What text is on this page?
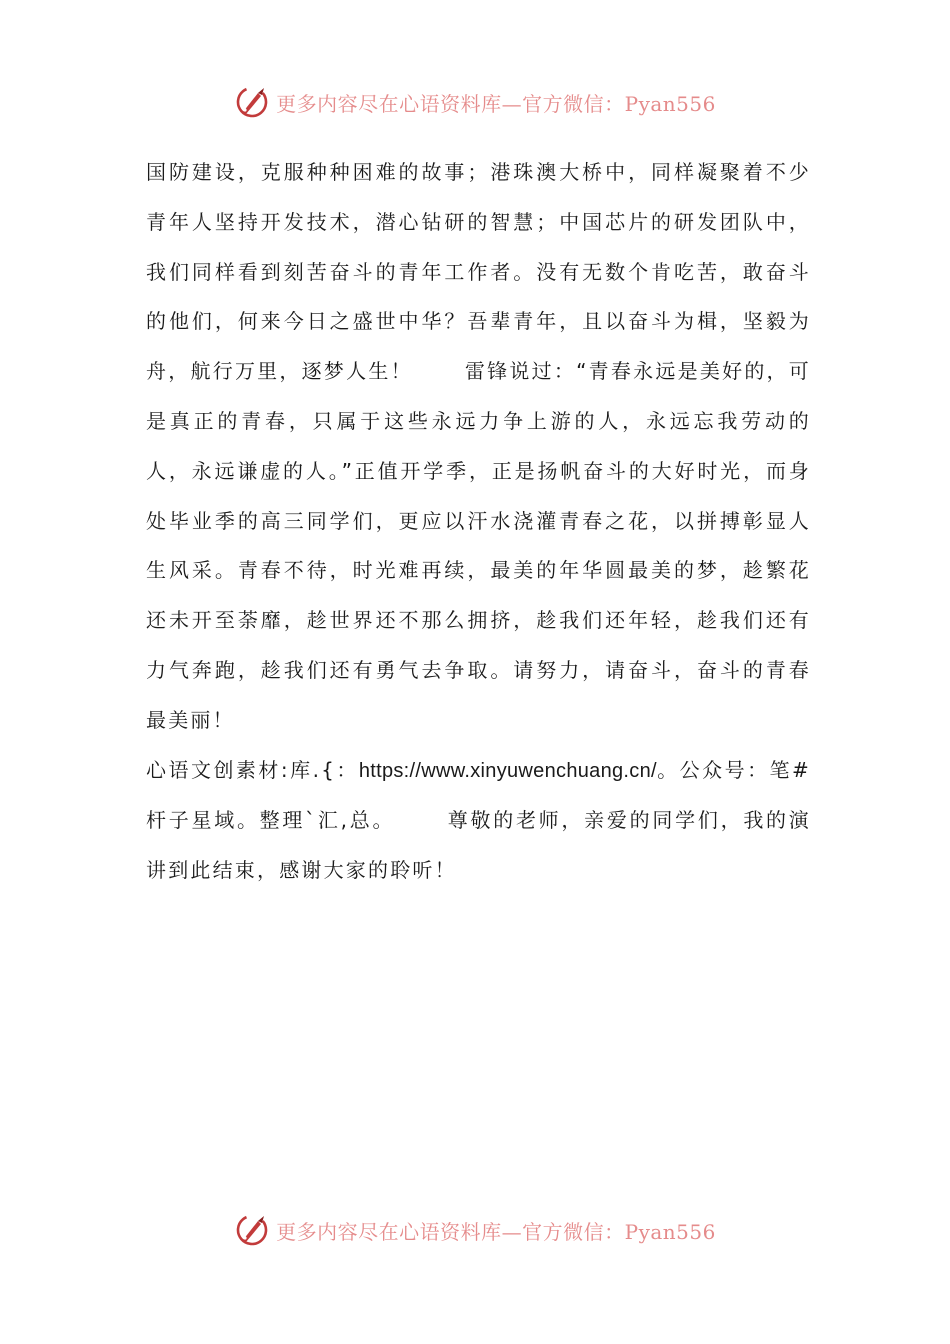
更多内容尽在心语资料库—官方微信：Pyan556

国防建设，克服种种困难的故事；港珠澳大桥中，同样凝聚着不少青年人坚持开发技术，潜心钻研的智慧；中国芯片的研发团队中，我们同样看到刻苦奋斗的青年工作者。没有无数个肯吃苦，敢奋斗的他们，何来今日之盛世中华？吾辈青年，且以奋斗为楫，坚毅为舟，航行万里，逐梦人生！	雷锋说过：“青春永远是美好的，可是真正的青春，只属于这些永远力争上游的人，永远忘我劳动的人，永远谦虚的人。”正值开学季，正是扬帆奋斗的大好时光，而身处毕业季的高三同学们，更应以汗水浇灌青春之花，以拼搏彰显人生风采。青春不待，时光难再续，最美的年华圆最美的梦，趁繁花还未开至荼靡，趁世界还不那么拥挤，趁我们还年轻，趁我们还有力气奔跑，趁我们还有勇气去争取。请努力，请奋斗，奋斗的青春最美丽！

心语文创素材:库.{：https://www.xinyuwenchuang.cn/。公众号：笔#杆子星域。整理`汇,总。	尊敬的老师，亲爱的同学们，我的演讲到此结束，感谢大家的聆听！

更多内容尽在心语资料库—官方微信：Pyan556
